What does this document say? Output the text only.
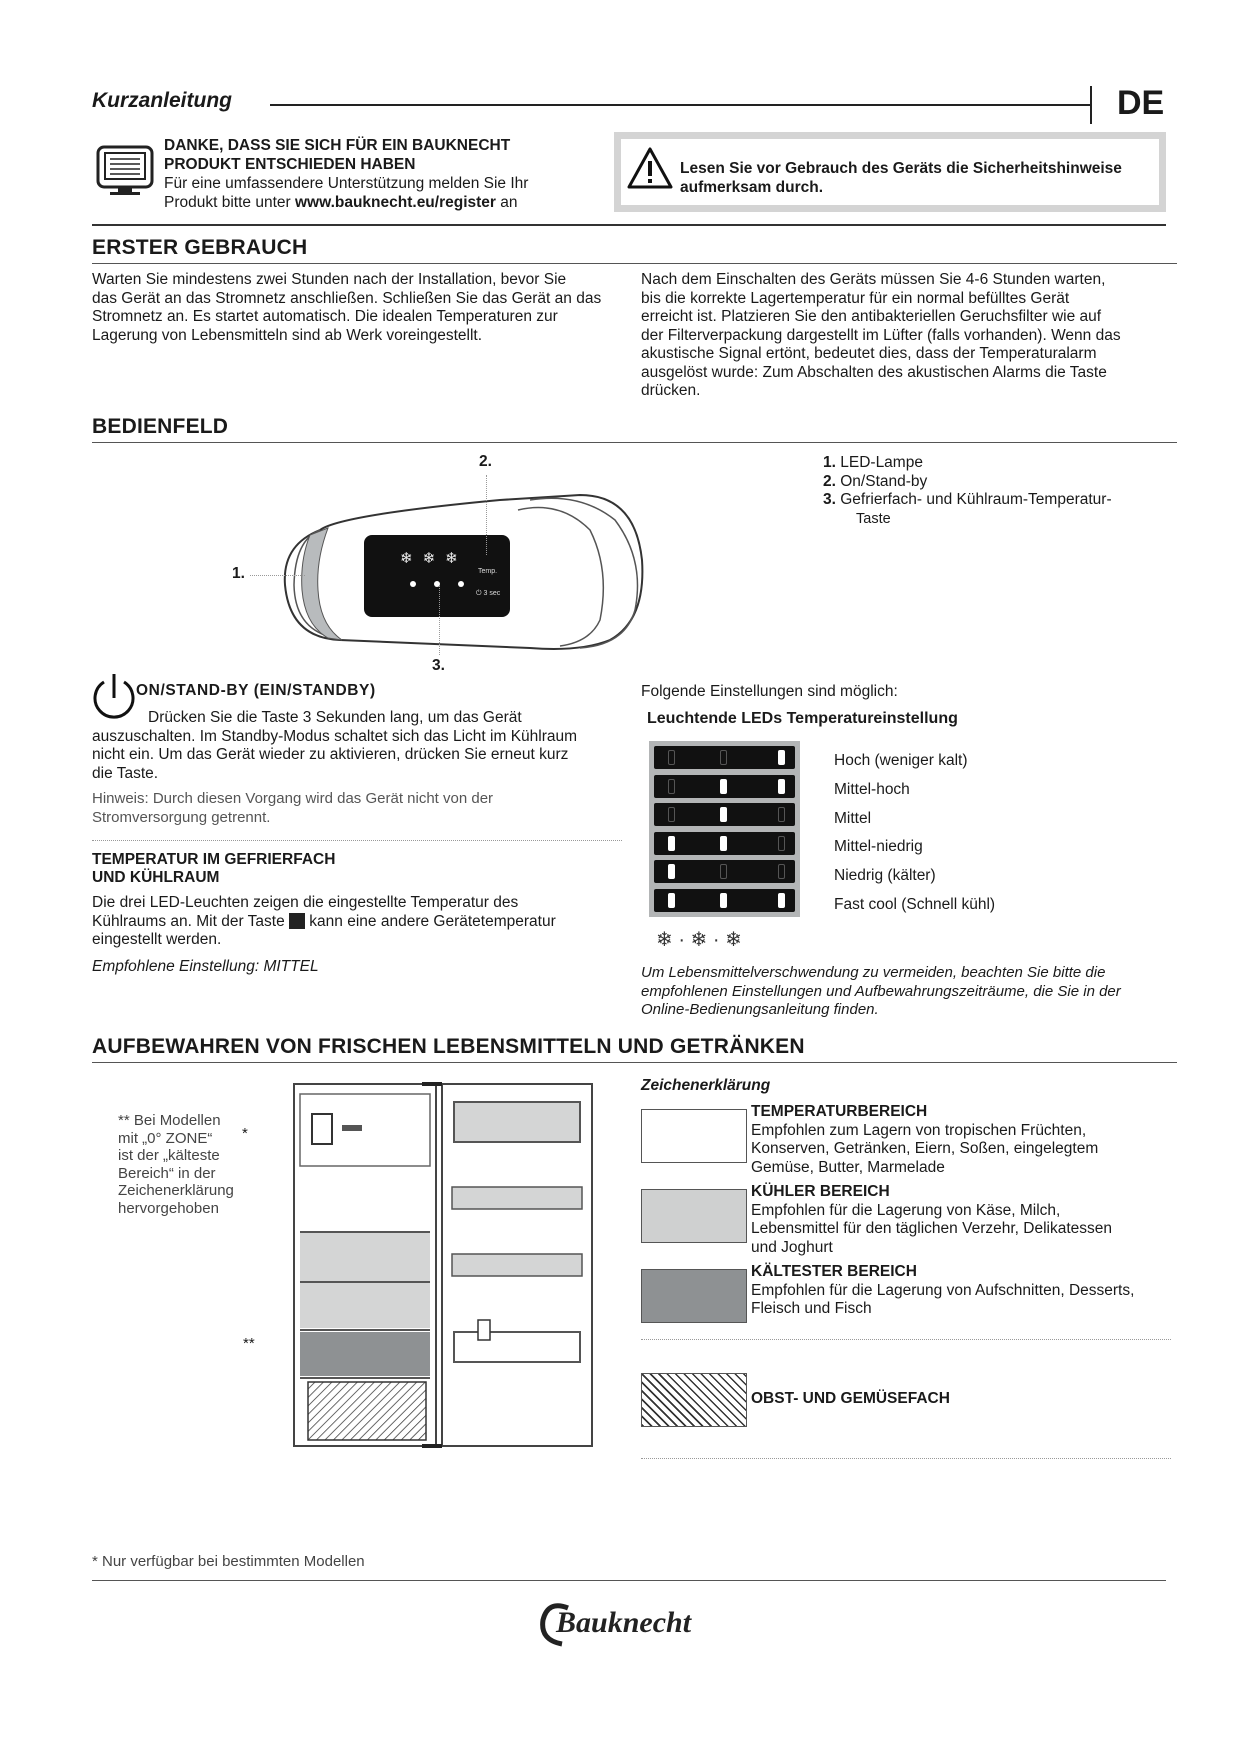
Kurzanleitung	DE
DANKE, DASS SIE SICH FÜR EIN BAUKNECHT
PRODUKT ENTSCHIEDEN HABEN
Für eine umfassendere Unterstützung melden Sie Ihr
Produkt bitte unter www.bauknecht.eu/register an
Lesen Sie vor Gebrauch des Geräts die Sicherheitshinweise
aufmerksam durch.
ERSTER GEBRAUCH
Warten Sie mindestens zwei Stunden nach der Installation, bevor Sie
das Gerät an das Stromnetz anschließen. Schließen Sie das Gerät an das
Stromnetz an. Es startet automatisch. Die idealen Temperaturen zur
Lagerung von Lebensmitteln sind ab Werk voreingestellt.
Nach dem Einschalten des Geräts müssen Sie 4-6 Stunden warten,
bis die korrekte Lagertemperatur für ein normal befülltes Gerät
erreicht ist. Platzieren Sie den antibakteriellen Geruchsfilter wie auf
der Filterverpackung dargestellt im Lüfter (falls vorhanden). Wenn das
akustische Signal ertönt, bedeutet dies, dass der Temperaturalarm
ausgelöst wurde: Zum Abschalten des akustischen Alarms die Taste
drücken.
BEDIENFELD
❄❄❄
Temp.
⏻ 3 sec
1.
2.
3.
1. LED-Lampe
2. On/Stand-by
3. Gefrierfach- und Kühlraum-Temperatur-
Taste
ON/STAND-BY (EIN/STANDBY)
Drücken Sie die Taste 3 Sekunden lang, um das Gerät
auszuschalten. Im Standby-Modus schaltet sich das Licht im Kühlraum
nicht ein. Um das Gerät wieder zu aktivieren, drücken Sie erneut kurz
die Taste.
Hinweis: Durch diesen Vorgang wird das Gerät nicht von der
Stromversorgung getrennt.
TEMPERATUR IM GEFRIERFACH
UND KÜHLRAUM
Die drei LED-Leuchten zeigen die eingestellte Temperatur des
Kühlraums an. Mit der Taste  kann eine andere Gerätetemperatur
eingestellt werden.
Empfohlene Einstellung: MITTEL
Folgende Einstellungen sind möglich:
Leuchtende LEDs Temperatureinstellung
Hoch (weniger kalt)
Mittel-hoch
Mittel
Mittel-niedrig
Niedrig (kälter)
Fast cool (Schnell kühl)
❄ · ❄ · ❄
Um Lebensmittelverschwendung zu vermeiden, beachten Sie bitte die
empfohlenen Einstellungen und Aufbewahrungszeiträume, die Sie in der
Online-Bedienungsanleitung finden.
AUFBEWAHREN VON FRISCHEN LEBENSMITTELN UND GETRÄNKEN
** Bei Modellen
mit „0° ZONE“
ist der „kälteste
Bereich“ in der
Zeichenerklärung
hervorgehoben
*
**
Zeichenerklärung
TEMPERATURBEREICH
Empfohlen zum Lagern von tropischen Früchten,
Konserven, Getränken, Eiern, Soßen, eingelegtem
Gemüse, Butter, Marmelade
KÜHLER BEREICH
Empfohlen für die Lagerung von Käse, Milch,
Lebensmittel für den täglichen Verzehr, Delikatessen
und Joghurt
KÄLTESTER BEREICH
Empfohlen für die Lagerung von Aufschnitten, Desserts,
Fleisch und Fisch
OBST- UND GEMÜSEFACH
* Nur verfügbar bei bestimmten Modellen
Bauknecht
